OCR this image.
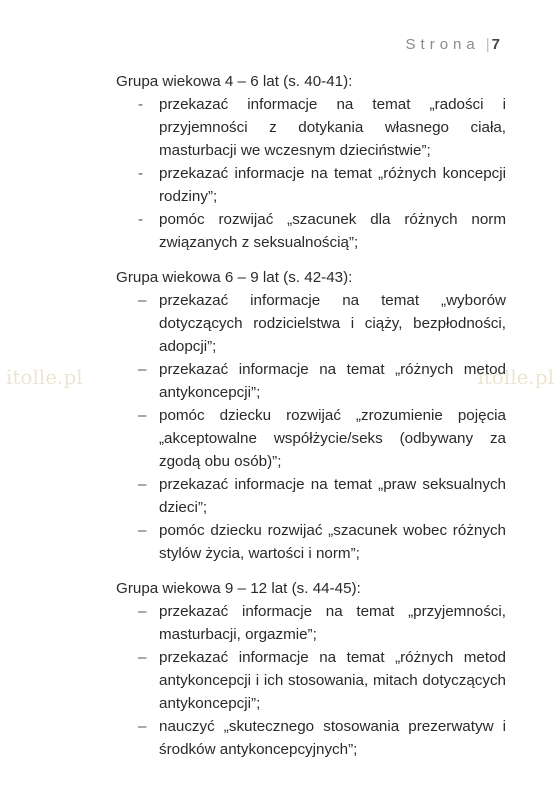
Strona | 7
itolle.pl	itolle.pl

Grupa wiekowa 4 – 6 lat (s. 40-41):

- przekazać informacje na temat „radości i przyjemności z dotykania własnego ciała, masturbacji we wczesnym dzieciństwie”;
- przekazać informacje na temat „różnych koncepcji rodziny”;
- pomóc rozwijać „szacunek dla różnych norm związanych z seksualnością”;

Grupa wiekowa 6 – 9 lat (s. 42-43):

– przekazać informacje na temat „wyborów dotyczących rodzicielstwa i ciąży, bezpłodności, adopcji”;
– przekazać informacje na temat „różnych metod antykoncepcji”;
– pomóc dziecku rozwijać „zrozumienie pojęcia „akceptowalne współżycie/seks (odbywany za zgodą obu osób)”;
– przekazać informacje na temat „praw seksualnych dzieci”;
– pomóc dziecku rozwijać „szacunek wobec różnych stylów życia, wartości i norm”;

Grupa wiekowa 9 – 12 lat (s. 44-45):

– przekazać informacje na temat „przyjemności, masturbacji, orgazmie”;
– przekazać informacje na temat „różnych metod antykoncepcji i ich stosowania, mitach dotyczących antykoncepcji”;
– nauczyć „skutecznego stosowania prezerwatyw i środków antykoncepcyjnych”;
